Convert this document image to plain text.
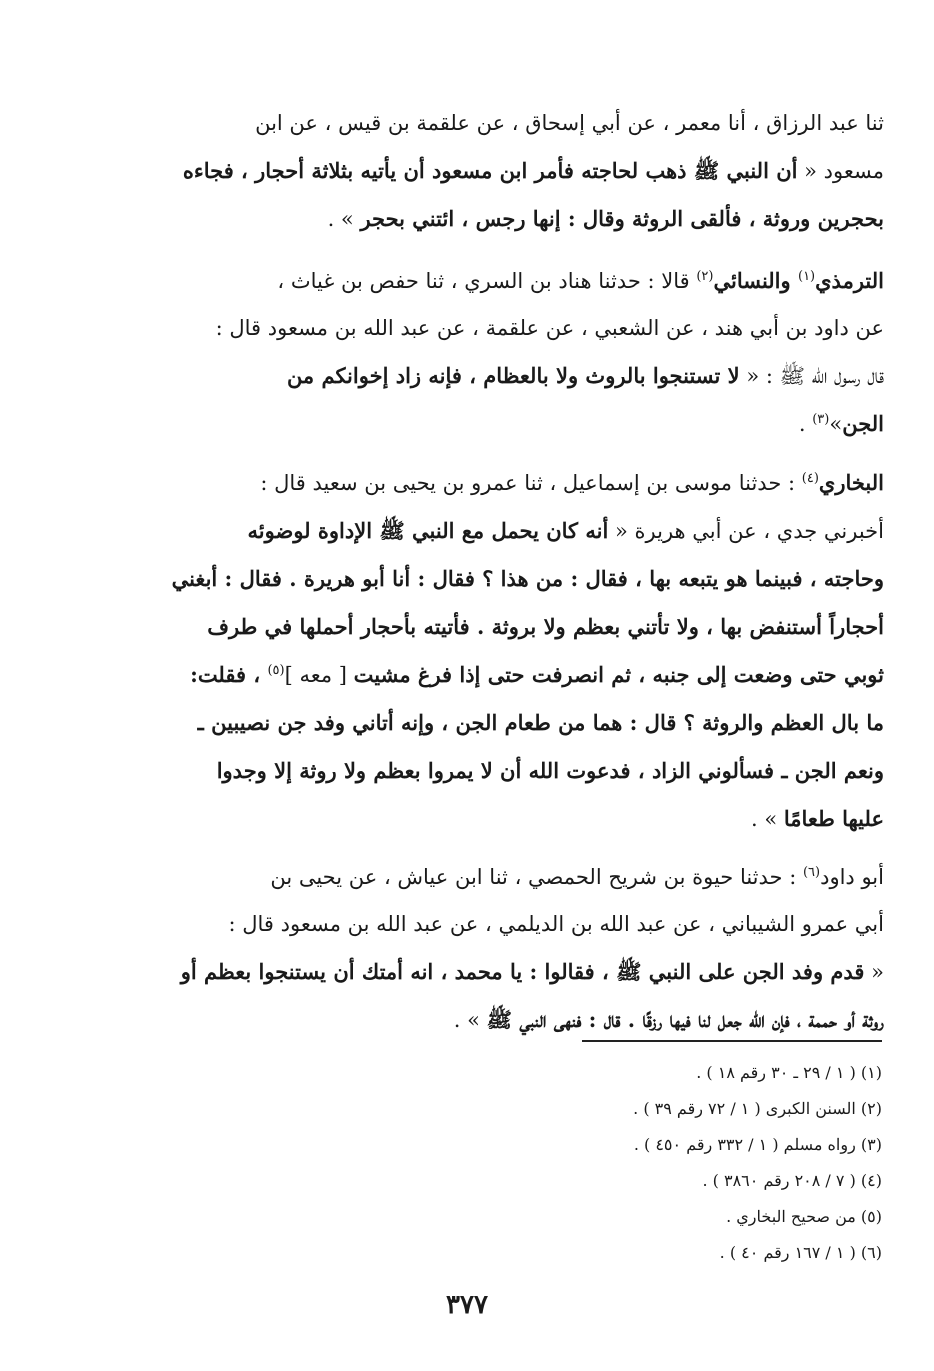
ثنا عبد الرزاق ، أنا معمر ، عن أبي إسحاق ، عن علقمة بن قيس ، عن ابن
مسعود « أن النبي ﷺ ذهب لحاجته فأمر ابن مسعود أن يأتيه بثلاثة أحجار ، فجاءه
بحجرين وروثة ، فألقى الروثة وقال : إنها رجس ، ائتني بحجر » .

الترمذي$^{(١)}$ والنسائي$^{(٢)}$ قالا : حدثنا هناد بن السري ، ثنا حفص بن غياث ،
عن داود بن أبي هند ، عن الشعبي ، عن علقمة ، عن عبد الله بن مسعود قال :
قال رسول الله ﷺ : « لا تستنجوا بالروث ولا بالعظام ، فإنه زاد إخوانكم من
الجن»$^{(٣)}$ .

البخاري$^{(٤)}$ : حدثنا موسى بن إسماعيل ، ثنا عمرو بن يحيى بن سعيد قال :
أخبرني جدي ، عن أبي هريرة « أنه كان يحمل مع النبي ﷺ الإداوة لوضوئه
وحاجته ، فبينما هو يتبعه بها ، فقال : من هذا ؟ فقال : أنا أبو هريرة . فقال : أبغني
أحجاراً أستنفض بها ، ولا تأتني بعظم ولا بروثة . فأتيته بأحجار أحملها في طرف
ثوبي حتى وضعت إلى جنبه ، ثم انصرفت حتى إذا فرغ مشيت [ معه ]$^{(٥)}$ ، فقلت:
ما بال العظم والروثة ؟ قال : هما من طعام الجن ، وإنه أتاني وفد جن نصيبين ـ
ونعم الجن ـ فسألوني الزاد ، فدعوت الله أن لا يمروا بعظم ولا روثة إلا وجدوا
عليها طعامًا » .

أبو داود$^{(٦)}$ : حدثنا حيوة بن شريح الحمصي ، ثنا ابن عياش ، عن يحيى بن
أبي عمرو الشيباني ، عن عبد الله بن الديلمي ، عن عبد الله بن مسعود قال :
« قدم وفد الجن على النبي ﷺ ، فقالوا : يا محمد ، انه أمتك أن يستنجوا بعظم أو
روثة أو حممة ، فإن الله جعل لنا فيها رزقًا . قال : فنهى النبي ﷺ » .

(١) ( ١ / ٢٩ ـ ٣٠ رقم ١٨ ) .
(٢) السنن الكبرى ( ١ / ٧٢ رقم ٣٩ ) .
(٣) رواه مسلم ( ١ / ٣٣٢ رقم ٤٥٠ ) .
(٤) ( ٧ / ٢٠٨ رقم ٣٨٦٠ ) .
(٥) من صحيح البخاري .
(٦) ( ١ / ١٦٧ رقم ٤٠ ) .
٣٧٧
